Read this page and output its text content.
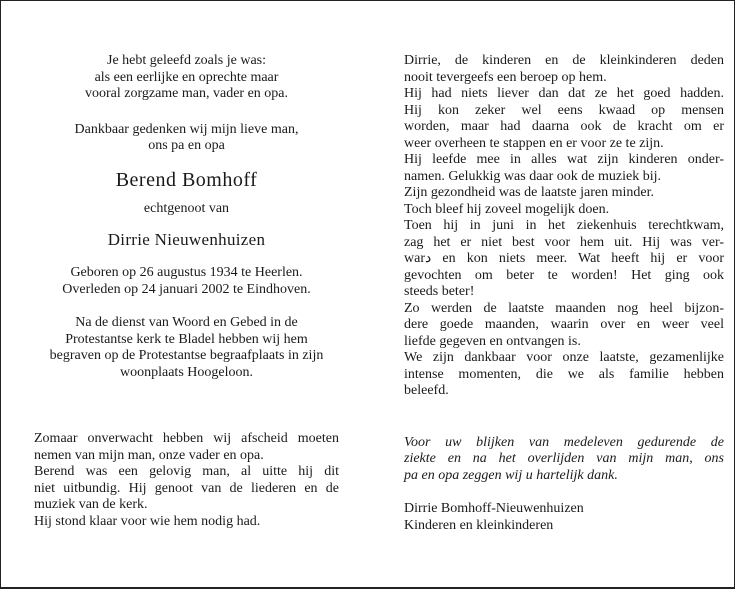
Je hebt geleefd zoals je was:
als een eerlijke en oprechte maar
vooral zorgzame man, vader en opa.
Dankbaar gedenken wij mijn lieve man,
ons pa en opa
Berend Bomhoff
echtgenoot van
Dirrie Nieuwenhuizen
Geboren op 26 augustus 1934 te Heerlen.
Overleden op 24 januari 2002 te Eindhoven.
Na de dienst van Woord en Gebed in de
Protestantse kerk te Bladel hebben wij hem
begraven op de Protestantse begraafplaats in zijn
woonplaats Hoogeloon.
Zomaar onverwacht hebben wij afscheid moeten
nemen van mijn man, onze vader en opa.
Berend was een gelovig man, al uitte hij dit
niet uitbundig. Hij genoot van de liederen en de
muziek van de kerk.
Hij stond klaar voor wie hem nodig had.
Dirrie, de kinderen en de kleinkinderen deden
nooit tevergeefs een beroep op hem.
Hij had niets liever dan dat ze het goed hadden.
Hij kon zeker wel eens kwaad op mensen
worden, maar had daarna ook de kracht om er
weer overheen te stappen en er voor ze te zijn.
Hij leefde mee in alles wat zijn kinderen onder-
namen. Gelukkig was daar ook de muziek bij.
Zijn gezondheid was de laatste jaren minder.
Toch bleef hij zoveel mogelijk doen.
Toen hij in juni in het ziekenhuis terechtkwam,
zag het er niet best voor hem uit. Hij was ver-
warد en kon niets meer. Wat heeft hij er voor
gevochten om beter te worden! Het ging ook
steeds beter!
Zo werden de laatste maanden nog heel bijzon-
dere goede maanden, waarin over en weer veel
liefde gegeven en ontvangen is.
We zijn dankbaar voor onze laatste, gezamenlijke
intense momenten, die we als familie hebben
beleefd.
Voor uw blijken van medeleven gedurende de
ziekte en na het overlijden van mijn man, ons
pa en opa zeggen wij u hartelijk dank.
Dirrie Bomhoff-Nieuwenhuizen
Kinderen en kleinkinderen
